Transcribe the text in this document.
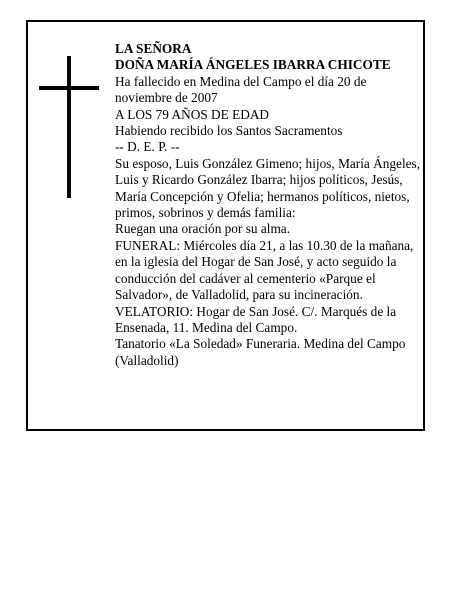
LA SEÑORA

DOÑA MARÍA ÁNGELES IBARRA CHICOTE

Ha fallecido en Medina del Campo el día 20 de noviembre de 2007

A LOS 79 AÑOS DE EDAD

Habiendo recibido los Santos Sacramentos

-- D. E. P. --

Su esposo, Luis González Gimeno; hijos, María Ángeles, Luis y Ricardo González Ibarra; hijos políticos, Jesús, María Concepción y Ofelia; hermanos políticos, nietos, primos, sobrinos y demás familia:

Ruegan una oración por su alma.

FUNERAL: Miércoles día 21, a las 10.30 de la mañana, en la iglesia del Hogar de San José, y acto seguido la conducción del cadáver al cementerio «Parque el Salvador», de Valladolid, para su incineración.

VELATORIO: Hogar de San José. C/. Marqués de la Ensenada, 11. Medina del Campo.

Tanatorio «La Soledad» Funeraria. Medina del Campo (Valladolid)
